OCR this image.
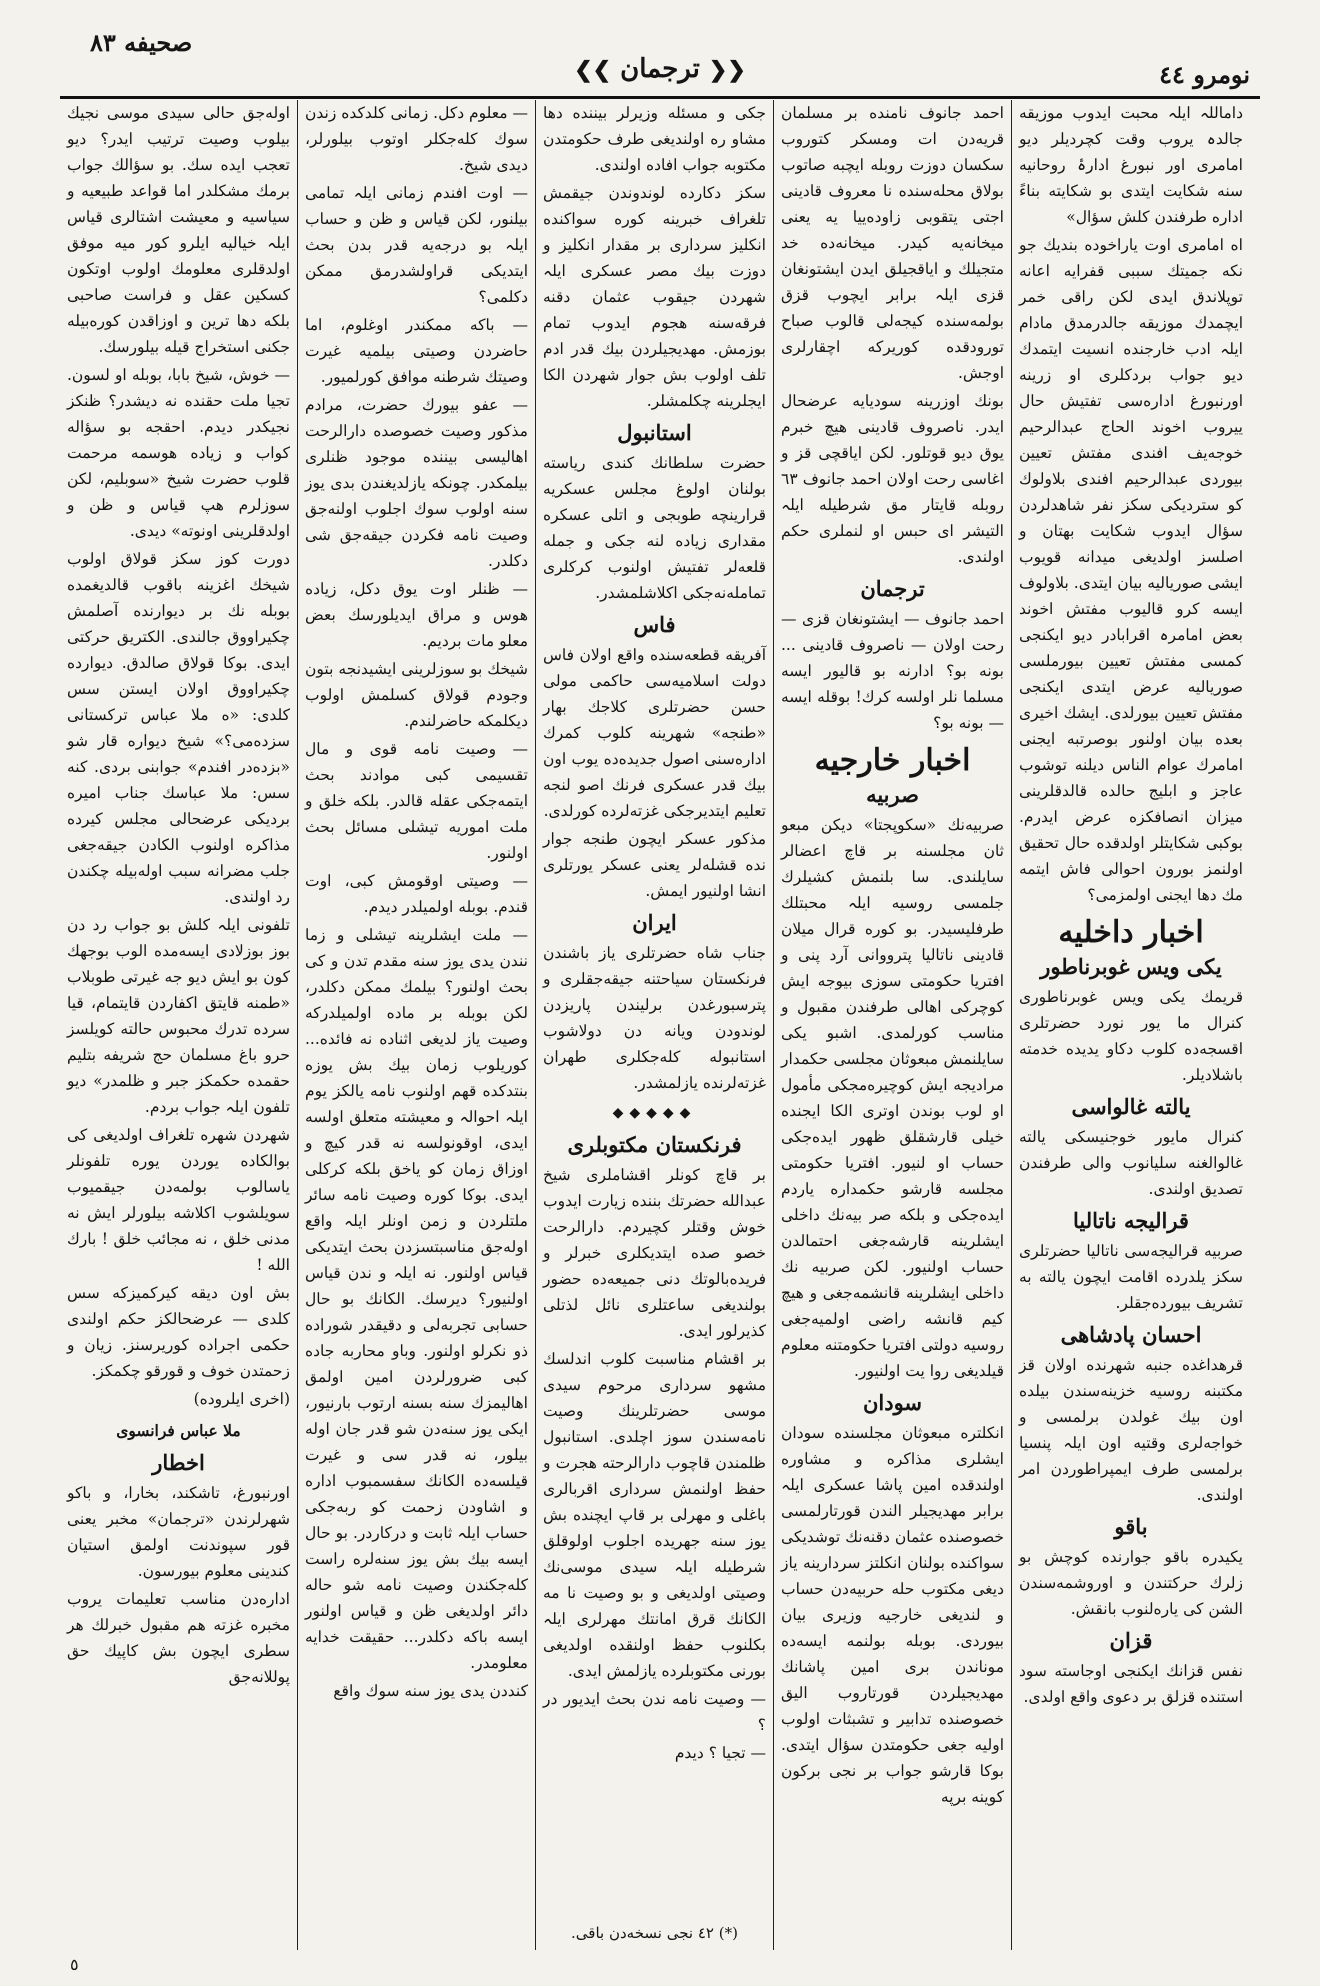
نومرو ٤٤
❮❮ ترجمان ❯❯
صحيفه ٨٣

داماللہ ایلہ محبت ایدوب موزیقه جالدہ یروب وقت کچردیلر دیو امامری اور نبورغ ادارۂ روحانیه سنه شکایت ایتدی بو شکایته بناءً اداره طرفندن کلش سؤال»

اه امامری اوت یاراخوده بندیك جو نکه جمیتك سببی قفرایه اعانه توپلاندق ایدی لکن راقی خمر ایچمدك موزیقه جالدرمدق مادام ایلہ ادب خارجنده انسیت ایتمدك دیو جواب بردکلری او زرینه اورنبورغ اداره‌سی تفتیش حال ییروب اخوند الحاج عبدالرحیم خوجه‌یف افندی مفتش تعیین بیوردی عبدالرحیم افندی بلاولوك کو ستردیکی سکز نفر شاهدلردن سؤال ایدوب شکایت بهتان و اصلسز اولدیغی میدانه قویوب ایشی صوریالیه بیان ایتدی. بلاولوف ایسه کرو قالیوب مفتش اخوند بعض امامرہ اقرابادر دیو ایکنجی کمسی مفتش تعیین بیورملسی صوریالیه عرض ایتدی ایکنجی مفتش تعیین بیورلدی. ایشك اخیری بعده بیان اولنور بوصرتبه ایجنی امامرك عوام الناس دیلنه توشوب عاجز و ابلیج حالده قالدقلرینی میزان انصافکزه عرض ایدرم. بوکبی شکایتلر اولدقده حال تحقیق اولنمز بورون احوالی فاش ایتمه‌ مك دها ایجنی اولمزمی؟

اخبار داخلیه
یکی ویس غوبرناطور

قریمك یکی ویس غوبرناطوری کنرال ما یور نورد حضرتلری اقسجه‌ده کلوب دکاو یدیده خدمته باشلادیلر.

یالته غالواسی

کنرال مایور خوجنیسکی یالته غالوالغنه سلیانوب والی طرفندن تصدیق اولندی.

قرالیجه ناتالیا

صربیه قرالیجه‌سی ناتالیا حضرتلری سکز یلدرده اقامت ایچون یالته به تشریف بیورده‌جقلر.

احسان پادشاهی

قرهداغده جنبه شهرنده اولان قز مکتبنه روسیه خزینه‌سندن بیلده اون بیك غولدن برلمسی و خواجه‌لری وقتیه اون ایلہ پنسیا برلمسی طرف ایمپراطوردن امر اولندی.

باقو

یکیدره باقو جوارنده کوچش بو زلرك حرکتندن و اوروشمه‌سندن الشن کی یاره‌لنوب بانقش.

قزان

نفس قزانك ایکنجی اوجاسته سود استنده قزلق بر دعوی واقع اولدی.

احمد جانوف نامنده بر مسلمان قریه‌دن ات ومسکر کتوروب سکسان دوزت روبله ایچبه صاتوب بولاق محله‌سنده نا معروف قادینی اجتی یتقوبی زاوده‌ییا یه یعنی میخانه‌یه کیدر. میخانه‌ده خد متجیلك و ایاقجیلق ایدن ایشتونغان قزی ایلہ برابر ایچوب قزق بولمه‌سنده کیجه‌لی قالوب صباح تورودقده کوریرکه اچقارلری اوجش.

بونك اوزرینه سودیایه عرضحال ایدر. ناصروف قادینی هیچ خبرم یوق دیو قوتلور. لکن ایاقچی قز و اغاسی رحت اولان احمد جانوف ٦٣ روبله قایتار مق شرطیله ایلہ التیشر ای حبس او لنملری حکم اولندی.

ترجمان

احمد جانوف — ایشتونغان قزی — رحت اولان — ناصروف قادینی ... بونه بو؟ ادارنه بو قالیور ایسه مسلما نلر اولسه کرك! بوقله ایسه — بونه بو؟

اخبار خارجیه
صربیه

صربیه‌نك «سکوپجتا» دیکن مبعو ثان مجلسنه بر قاچ اعضالر سایلندی. سا بلنمش کشیلرك جلمسی روسیه ایلہ محبتلك طرفلیسیدر. بو کوره قرال میلان قادینی ناتالیا پترووانی آرد پنی و افتریا حکومتی سوزی بیوجه ایش کوچرکی اهالی طرفندن مقبول و مناسب کورلمدی. اشبو یکی سایلنمش مبعوثان مجلسی حکمدار مرادیجه ایش کوچیره‌مجکی مأمول او لوب بوندن اوتری الکا ایجنده خیلی قارشقلق ظهور ایده‌جکی حساب او لنیور. افتریا حکومتی مجلسه قارشو حکمداره یاردم ایده‌جکی و بلکه صر بیه‌نك داخلی ایشلرینه قارشه‌جغی احتمالدن حساب اولنیور. لکن صربیه نك داخلی ایشلرینه قانشمه‌جغی و هیچ کیم قانشه راضی اولمیه‌جغی روسیه دولتی افتریا حکومتنه معلوم قیلدیغی روا یت اولنیور.

سودان

انکلتره مبعوثان مجلسنده سودان ایشلری مذاکره و مشاوره اولندقده امین پاشا عسکری ایلہ برابر مهدیجیلر الندن قورتارلمسی خصوصنده عثمان دقنه‌نك توشدیکی سواکنده بولنان انکلتز سردارینه یاز دیغی مکتوب حله حربیه‌دن حساب و لندیغی خارجیه وزیری بیان بیوردی. بوبله بولنمه ایسه‌ده موناندن بری امین پاشانك مهدیجیلردن قورتاروب الیق خصوصنده تدابیر و تشبثات اولوب اولیه جغی حکومتدن سؤال ایتدی. بوکا قارشو جواب بر نجی برکون کوینه برپه

جکی و مسئله وزیرلر بیننده دها مشاو ره اولندیغی طرف حکومتدن مکتوبه جواب افاده اولندی.

سکز دکارده لوندوندن جیقمش تلغراف خبرینه کوره سواکنده انکلیز سرداری بر مقدار انکلیز و دوزت بیك مصر عسکری ایلہ شهردن جیقوب عثمان دقنه فرقه‌سنه هجوم ایدوب تمام بوزمش. مهدیجیلردن بیك قدر ادم تلف اولوب بش جوار شهردن الکا ایجلرینه چکلمشلر.

استانبول

حضرت سلطانك کندی ریاسته بولنان اولوغ مجلس عسکریه قرارینچه طوبجی و اتلی عسکره مقداری زیاده لنه جکی و جمله قلعه‌لر تفتیش اولنوب کرکلری تمامله‌نه‌جکی اکلاشلمشدر.

فاس

آفریقه قطعه‌سنده واقع اولان فاس دولت اسلامیه‌سی حاکمی مولی حسن حضرتلری کلاجك بهار «طنجه» شهرینه کلوب کمرك اداره‌سنی اصول جدیده‌ده یوب اون بیك قدر عسکری فرنك اصو لنجه تعلیم ایتدیرجکی غزته‌لرده کورلدی.

مذکور عسکر ایچون طنجه جوار نده قشله‌لر یعنی عسکر یورتلری انشا اولنیور ایمش.

ایران

جناب شاه حضرتلری یاز باشندن فرنکستان سیاحتنه جیقه‌جقلری و پترسبورغدن برلیندن پاریزدن لوندودن ویانه دن دولاشوب استانبوله کله‌جکلری طهران غزته‌لرنده یازلمشدر.

◆◆◆◆◆
فرنکستان مکتوبلری

بر قاچ کونلر اقشاملری شیخ عبدالله حضرتك بننده زیارت ایدوب خوش وقتلر کچیردم. دارالرحت خصو صده ایتدیکلری خبرلر و فریده‌بالوتك دنی جمیعه‌ده حضور بولندیغی ساعتلری نائل لذتلی کذیرلور ایدی.

بر اقشام مناسبت کلوب اندلسك مشهو سرداری مرحوم سیدی موسی حضرتلرینك وصیت نامه‌سندن سوز اچلدی. استانبول ظلمندن قاچوب دارالرحته هجرت و حفظ اولنمش سرداری اقربالری باغلی و مهرلی بر قاپ ایچنده بش یوز سنه جهریده اجلوب اولوقلق شرطیله ایلہ سیدی موسی‌نك وصیتی اولدیغی و بو وصیت نا مه الکانك قرق امانتك مهرلری ایلہ بکلنوب حفظ اولنقده اولدیغی بورنی مکتوبلرده یازلمش ایدی.

— وصیت نامه ندن بحث ایدیور در ؟

— تجیا ؟ دیدم

(*) ٤٢ نجی نسخه‌دن باقی.

— معلوم دکل. زمانی کلدکده زندن سوك کله‌جکلر اوتوب بیلورلر، دیدی شیخ.

— اوت افندم زمانی ایلہ تمامی بیلنور، لکن قیاس و ظن و حساب ایلہ بو درجه‌یه قدر بدن بحث ایتدیکی قراولشدرمق ممکن دکلمی؟

— باکه ممکندر اوغلوم، اما حاضردن وصیتی بیلمیه غیرت وصیتك شرطنه موافق کورلمیور.

— عفو بیورك حضرت، مرادم مذکور وصیت خصوصده دارالرحت اهالیسی بیننده موجود ظنلری بیلمکدر. چونکه یازلدیغندن بدی یوز سنه اولوب سوك اجلوب اولنه‌جق وصیت نامه فکردن جیقه‌جق شی دکلدر.

— ظنلر اوت یوق دکل، زیاده هوس و مراق ایدیلورسك بعض معلو مات بردیم.

شیخك بو سوزلرینی ایشیدنجه بتون وجودم قولاق کسلمش اولوب دیکلمکه حاضرلندم.

— وصیت نامه قوی و مال تقسیمی کبی موادند بحث ایتمه‌جکی عقله قالدر. بلکه خلق و ملت اموریه تیشلی مسائل بحث اولنور.

— وصیتی اوقومش کبی، اوت قندم. بوبله اولمیلدر دیدم.

— ملت ایشلرینه تیشلی و زما نندن یدی یوز سنه مقدم تدن و کی بحث اولنور؟ بیلمك ممکن دکلدر، لکن بوبله بر ماده اولمیلدرکه وصیت یاز لدیغی اثناده نه فائده... کوریلوب زمان بیك بش یوزه بنتدکده قهم اولنوب نامه یالکز یوم ایلہ احوالہ و معیشته متعلق اولسه ایدی، اوقونولسه نه قدر کیچ و اوزاق زمان کو یاخق بلکه کرکلی ایدی. بوکا کوره وصیت نامه سائر ملتلردن و زمن اونلر ایلہ واقع اوله‌جق مناسبتسزدن بحث ایتدیکی قیاس اولنور. نه ایلہ و ندن قیاس اولنیور؟ دیرسك. الکانك بو حال حسابی تجربه‌لی و دقیقدر شوراده ذو نکرلو اولنور. وباو محاربه ‌جاده کبی ضرورلردن امین اولمق اهالیمزك سنه بسنه ارتوب بارنیور، ایکی یوز سنه‌دن شو قدر جان اوله بیلور، نه قدر سی و غیرت قیلسه‌ده الکانك سفسمبوب اداره و اشاودن زحمت کو ربه‌جکی حساب ایلہ ثابت و درکاردر. بو حال ایسه بیك بش یوز سنه‌لره راست کله‌جکندن وصیت نامه شو حاله دائر اولدیغی ظن و قیاس اولنور ایسه باکه دکلدر... حقیقت خدایه معلومدر.

کنددن یدی یوز سنه سوك واقع

اوله‌جق حالی سیدی موسی نجیك بیلوب وصیت ترتیب ایدر؟ دیو تعجب ایده سك. بو سؤالك جواب برمك مشکلدر اما قواعد طبیعیه و سیاسیه و معیشت اشتالری قیاس ایلہ خیالیه ایلرو کور میه موفق اولدقلری معلومك اولوب اوتکون کسکین عقل و فراست صاحبی بلکه دها ترین و اوزاقدن کوره‌بیله جکنی استخراج قیله بیلورسك.

— خوش، شیخ بابا، بوبله او لسون. تجیا ملت حقنده نه دیشدر؟ ظنکز نجیکدر دیدم. احقجه بو سؤاله کواب و زیاده هوسمه مرحمت قلوب حضرت شیخ «سوبلیم، لکن سوزلرم هپ قیاس و ظن و اولدقلرینی اونوته» دیدی.

دورت کوز سکز قولاق اولوب شیخك اغزینه باقوب قالدیغمده بوبله نك بر دیوارنده آصلمش چکیراووق جالندی. الکتریق حرکتی ایدی. بوکا قولاق صالدق. دیوارده چکیراووق اولان ایستن سس کلدی: «ه ملا عباس ترکستانی سزده‌می؟» شیخ دیواره قار شو «بزده‌در افندم» جوابنی بردی. کنه سس: ملا عباسك جناب امیره برديکی عرضحالی مجلس کیرده مذاکره اولنوب الکادن جیقه‌جغی جلب مضرانه سبب اوله‌بیله چکندن رد اولندی.

تلفونی ایلہ کلش بو جواب رد دن بوز بوزلادی ایسه‌مده الوب بوجهك کون بو ایش دیو جه غیرتی طوبلاب «طمنه قایتق اکفاردن قایتمام، قیا سرده تدرك محبوس حالته کویلسز حرو باغ مسلمان حج شریفه بتلیم حقمده حکمکز جبر و ظلمدر» دیو تلفون ایلہ جواب بردم.

شهردن شهره تلغراف اولدیغی کی بوالکاده یوردن یوره تلفونلر یاسالوب بولمه‌دن جیقمیوب سویلشوب اکلاشه بیلورلر ایش نه مدنی خلق ، نه مجائب خلق ! بارك الله !

بش اون دیقه کیرکمیزکه سس کلدی — عرضحالکز حکم اولندی حکمی اجراده کوریرسنز. زیان و زحمتدن خوف و قورقو چکمکز.

(اخری ایلروده)

ملا عباس فرانسوی
اخطار

اورنبورغ، تاشکند، بخارا، و باکو شهرلرندن «ترجمان» مخبر یعنی قور سپوندنت اولمق استیان کندینی معلوم بیورسون.

اداره‌دن مناسب تعلیمات یروب مخبره غزته هم مقبول خبرلك هر سطری ایچون بش کاپیك حق پوللانه‌جق

٥
